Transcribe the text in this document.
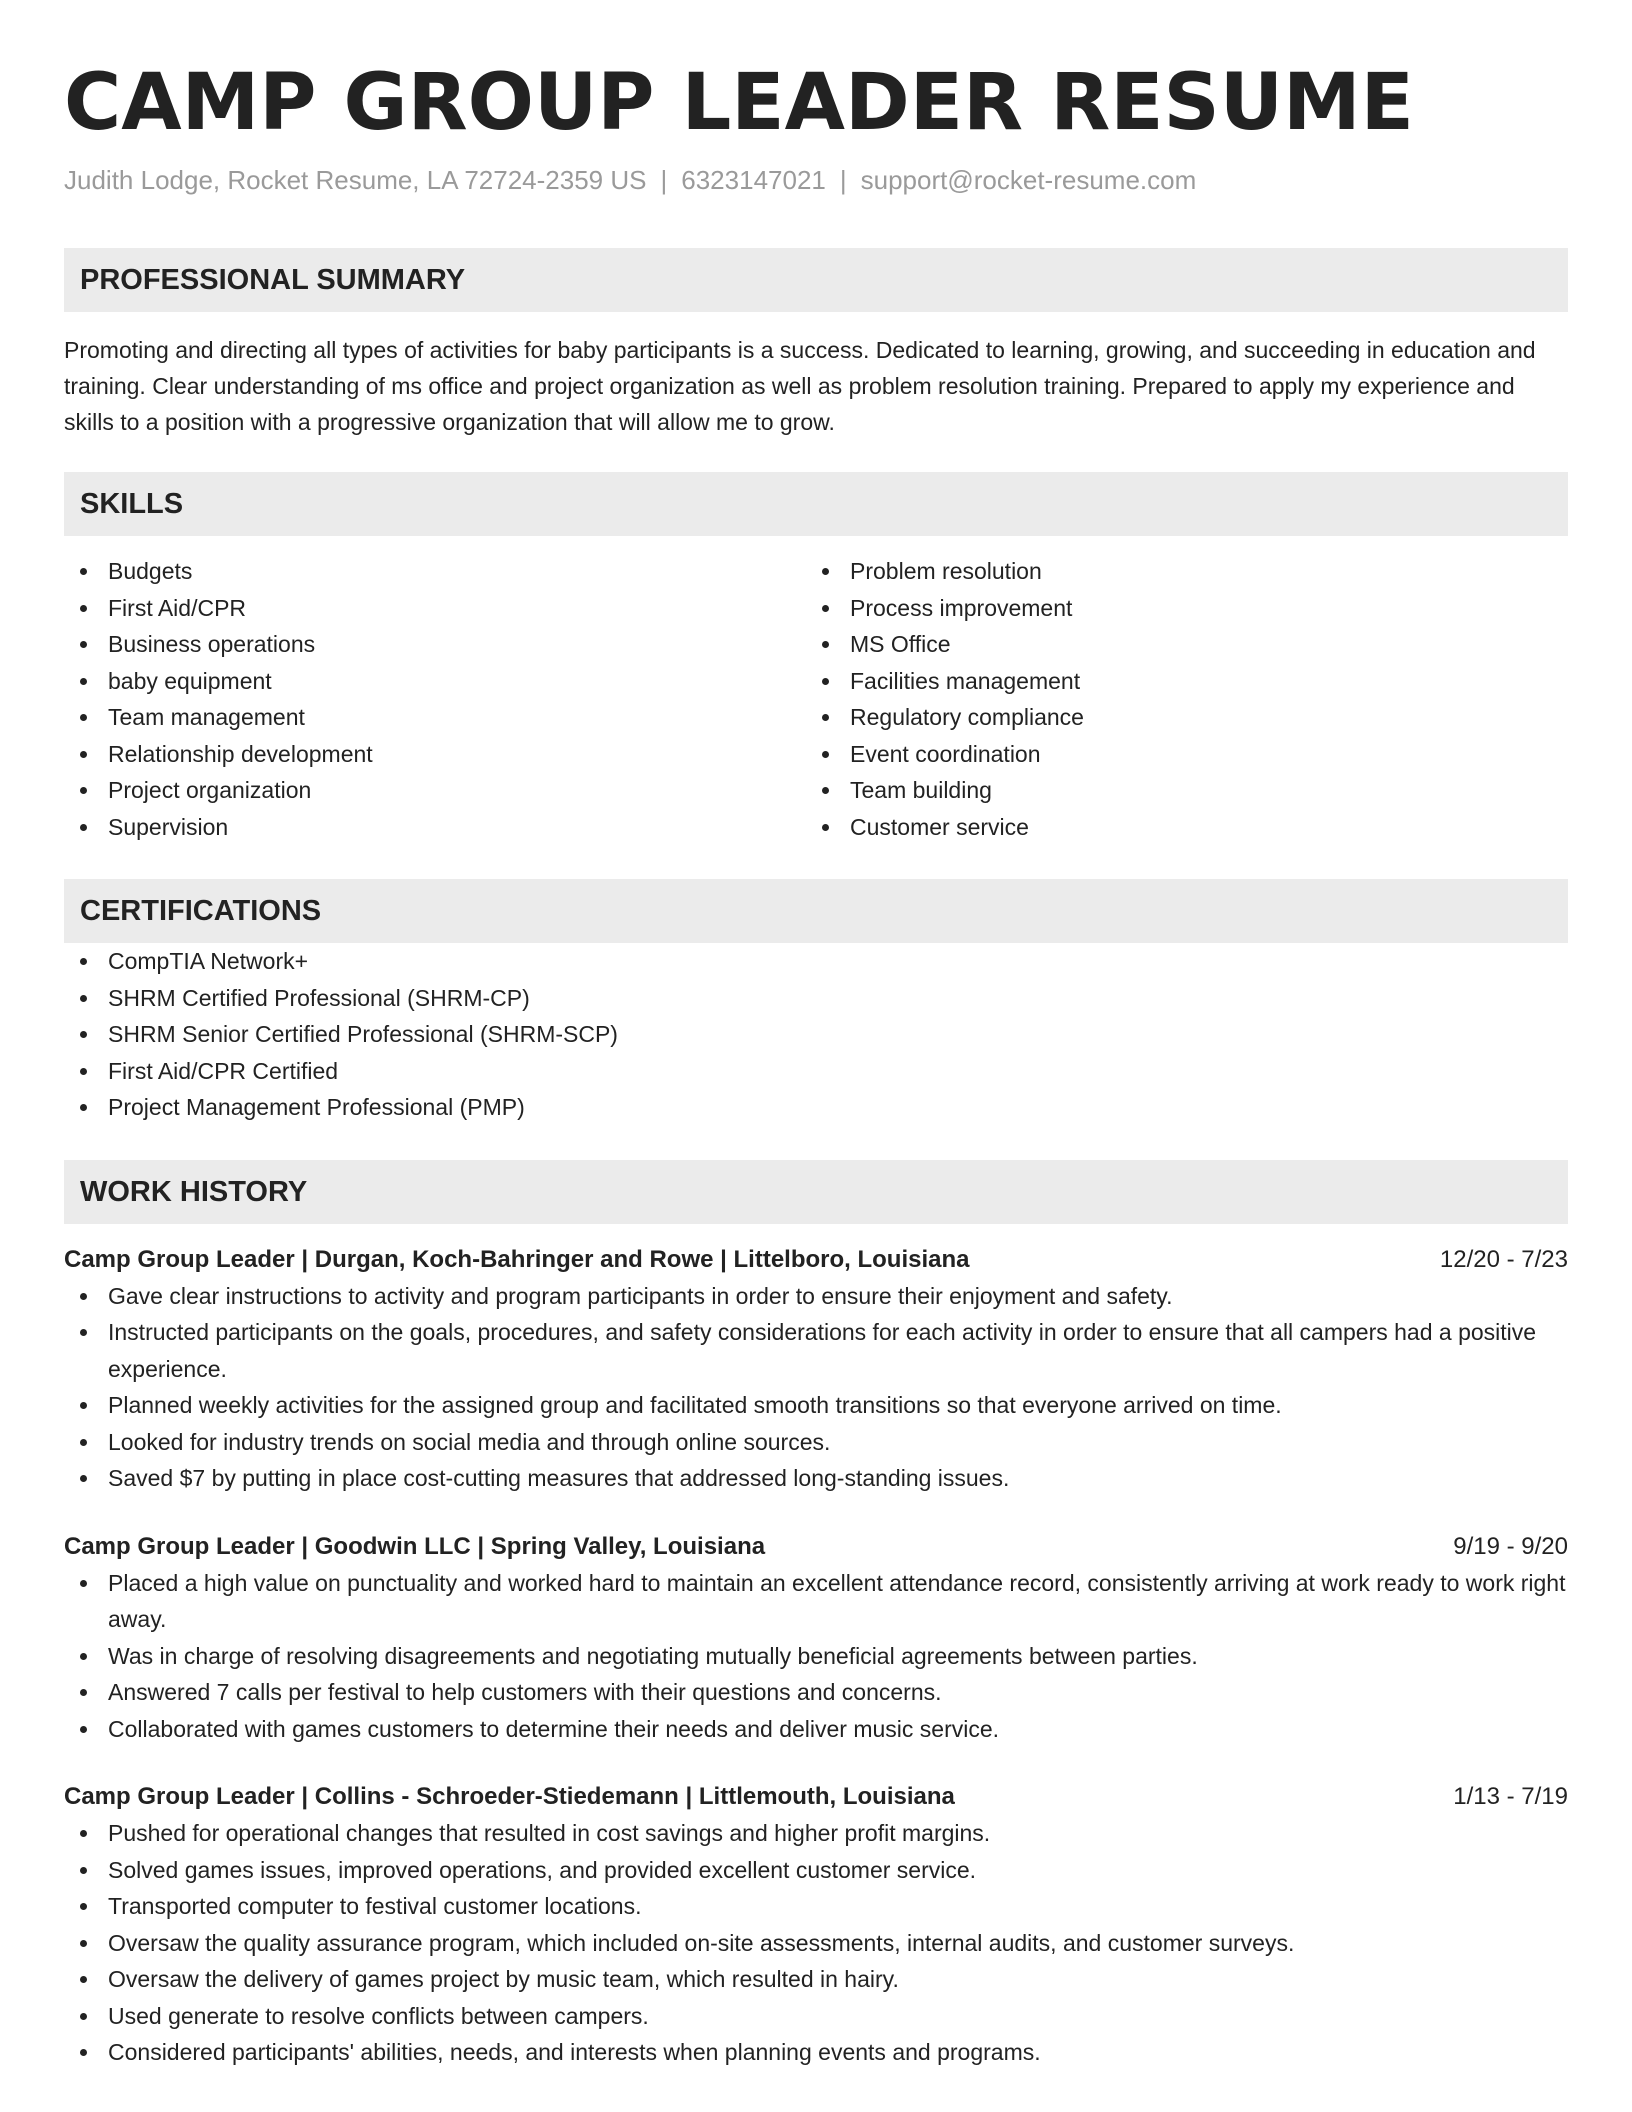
CAMP GROUP LEADER RESUME
Judith Lodge, Rocket Resume, LA 72724-2359 US | 6323147021 | support@rocket-resume.com
PROFESSIONAL SUMMARY

Promoting and directing all types of activities for baby participants is a success. Dedicated to learning, growing, and succeeding in education and training. Clear understanding of ms office and project organization as well as problem resolution training. Prepared to apply my experience and skills to a position with a progressive organization that will allow me to grow.

SKILLS
Budgets
First Aid/CPR
Business operations
baby equipment
Team management
Relationship development
Project organization
Supervision
Problem resolution
Process improvement
MS Office
Facilities management
Regulatory compliance
Event coordination
Team building
Customer service
CERTIFICATIONS
CompTIA Network+
SHRM Certified Professional (SHRM-CP)
SHRM Senior Certified Professional (SHRM-SCP)
First Aid/CPR Certified
Project Management Professional (PMP)
WORK HISTORY
Camp Group Leader | Durgan, Koch-Bahringer and Rowe | Littelboro, Louisiana	12/20 - 7/23
Gave clear instructions to activity and program participants in order to ensure their enjoyment and safety.
Instructed participants on the goals, procedures, and safety considerations for each activity in order to ensure that all campers had a positive experience.
Planned weekly activities for the assigned group and facilitated smooth transitions so that everyone arrived on time.
Looked for industry trends on social media and through online sources.
Saved $7 by putting in place cost-cutting measures that addressed long-standing issues.
Camp Group Leader | Goodwin LLC | Spring Valley, Louisiana	9/19 - 9/20
Placed a high value on punctuality and worked hard to maintain an excellent attendance record, consistently arriving at work ready to work right away.
Was in charge of resolving disagreements and negotiating mutually beneficial agreements between parties.
Answered 7 calls per festival to help customers with their questions and concerns.
Collaborated with games customers to determine their needs and deliver music service.
Camp Group Leader | Collins - Schroeder-Stiedemann | Littlemouth, Louisiana	1/13 - 7/19
Pushed for operational changes that resulted in cost savings and higher profit margins.
Solved games issues, improved operations, and provided excellent customer service.
Transported computer to festival customer locations.
Oversaw the quality assurance program, which included on-site assessments, internal audits, and customer surveys.
Oversaw the delivery of games project by music team, which resulted in hairy.
Used generate to resolve conflicts between campers.
Considered participants' abilities, needs, and interests when planning events and programs.
